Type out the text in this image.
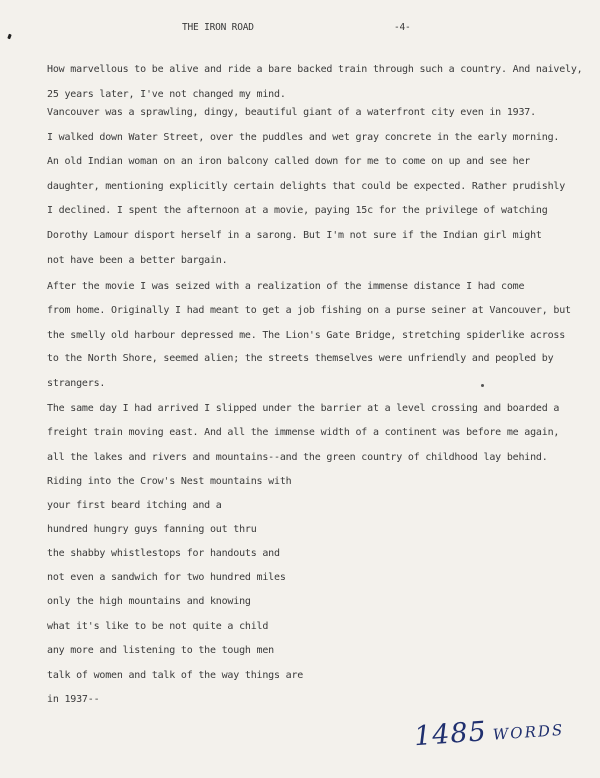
THE IRON ROAD	-4-
How marvellous to be alive and ride a bare backed train through such a country. And naively,
25 years later, I've not changed my mind.
Vancouver was a sprawling, dingy, beautiful giant of a waterfront city even in 1937.
I walked down Water Street, over the puddles and wet gray concrete in the early morning.
An old Indian woman on an iron balcony called down for me to come on up and see her
daughter, mentioning explicitly certain delights that could be expected. Rather prudishly
I declined. I spent the afternoon at a movie, paying 15c for the privilege of watching
Dorothy Lamour disport herself in a sarong. But I'm not sure if the Indian girl might
not have been a better bargain.
After the movie I was seized with a realization of the immense distance I had come
from home. Originally I had meant to get a job fishing on a purse seiner at Vancouver, but
the smelly old harbour depressed me. The Lion's Gate Bridge, stretching spiderlike across
to the North Shore, seemed alien; the streets themselves were unfriendly and peopled by
strangers.
The same day I had arrived I slipped under the barrier at a level crossing and boarded a
freight train moving east. And all the immense width of a continent was before me again,
all the lakes and rivers and mountains--and the green country of childhood lay behind.
Riding into the Crow's Nest mountains with
your first beard itching and a
hundred hungry guys fanning out thru
the shabby whistlestops for handouts and
not even a sandwich for two hundred miles
only the high mountains and knowing
what it's like to be not quite a child
any more and listening to the tough men
talk of women and talk of the way things are
in 1937--
1485 WORDS
